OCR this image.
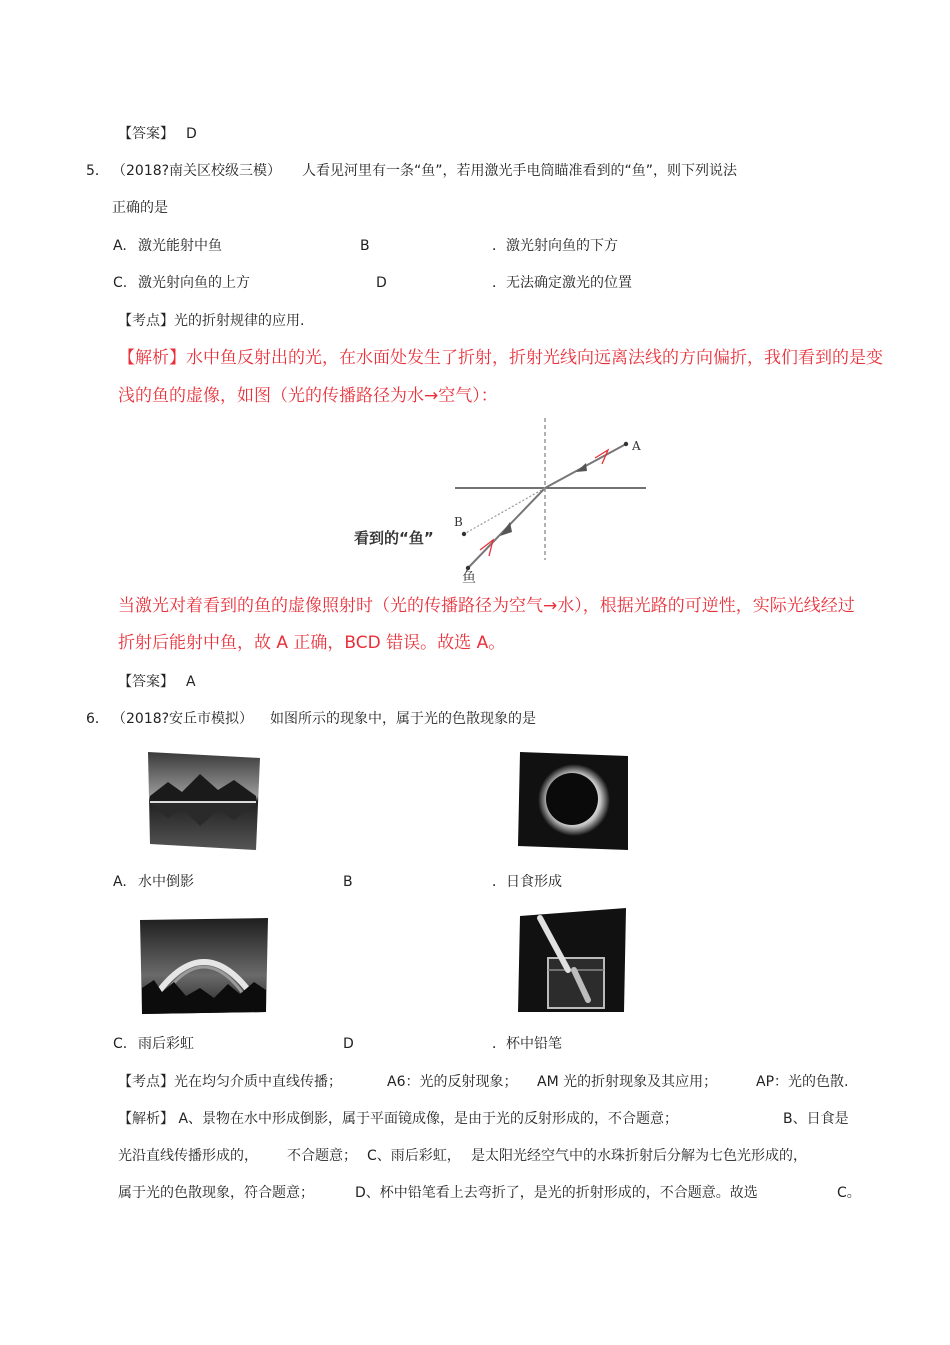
【答案】 D
5． （2018?南关区校级三模） 人看见河里有一条“鱼”，若用激光手电筒瞄准看到的“鱼”，则下列说法
正确的是
A. 激光能射中鱼	B	．激光射向鱼的下方
C. 激光射向鱼的上方	D	．无法确定激光的位置
【考点】光的折射规律的应用.
【解析】水中鱼反射出的光，在水面处发生了折射，折射光线向远离法线的方向偏折，我们看到的是变
浅的鱼的虚像，如图（光的传播路径为水→空气）：
A
B
鱼
看到的“鱼”
当激光对着看到的鱼的虚像照射时（光的传播路径为空气→水），根据光路的可逆性，实际光线经过
折射后能射中鱼，故 A 正确，BCD 错误。故选 A。
【答案】 A
6． （2018?安丘市模拟） 如图所示的现象中，属于光的色散现象的是
A. 水中倒影	B	．日食形成
C. 雨后彩虹	D	．杯中铅笔
【考点】光在均匀介质中直线传播；	A6：光的反射现象； AM 光的折射现象及其应用；	AP：光的色散.
【解析】 A、景物在水中形成倒影，属于平面镜成像，是由于光的反射形成的，不合题意；	B、日食是
光沿直线传播形成的， 不合题意； C、雨后彩虹， 是太阳光经空气中的水珠折射后分解为七色光形成的，
属于光的色散现象，符合题意；	D、杯中铅笔看上去弯折了，是光的折射形成的，不合题意。故选	C。
